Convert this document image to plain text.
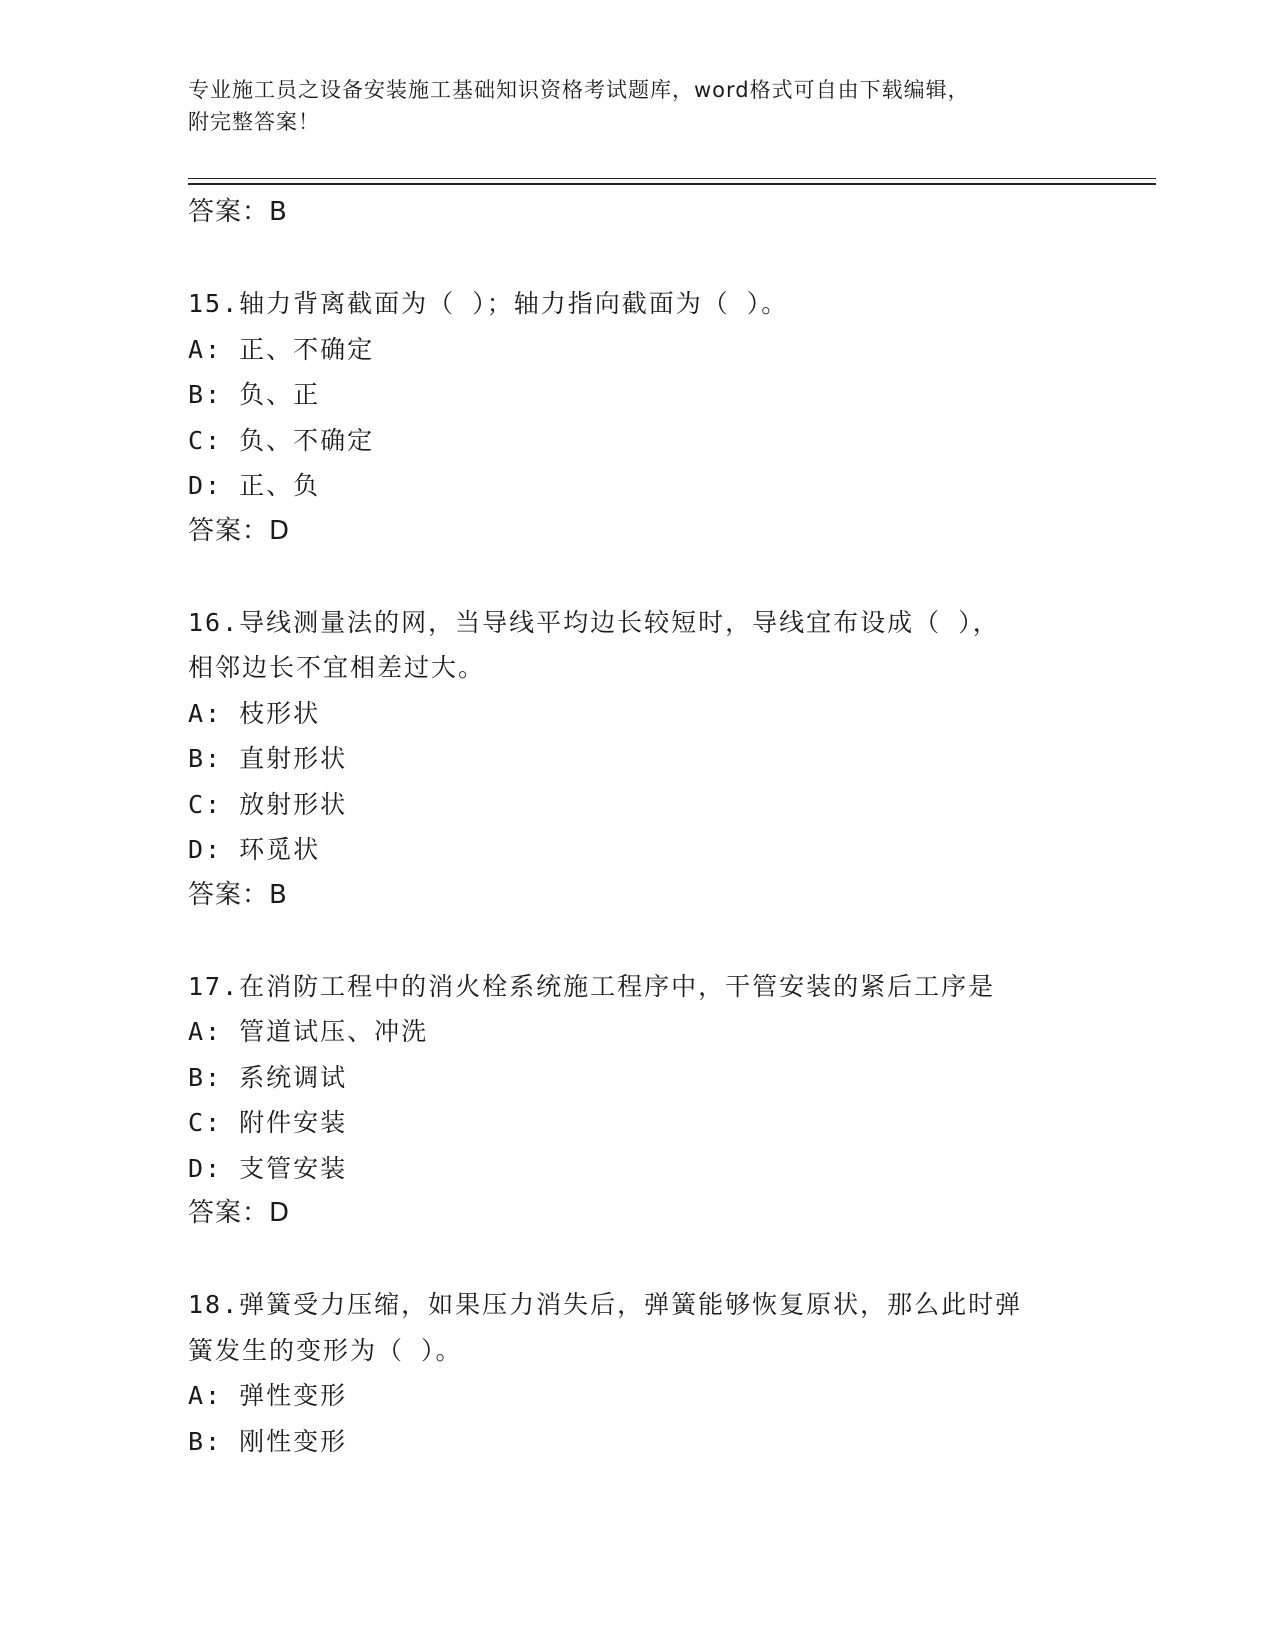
专业施工员之设备安装施工基础知识资格考试题库，word格式可自由下载编辑，
附完整答案！
答案：B
15.轴力背离截面为（ ）；轴力指向截面为（ ）。
A: 正、不确定
B: 负、正
C: 负、不确定
D: 正、负
答案：D
16.导线测量法的网，当导线平均边长较短时，导线宜布设成（ ），
相邻边长不宜相差过大。
A: 枝形状
B: 直射形状
C: 放射形状
D: 环觅状
答案：B
17.在消防工程中的消火栓系统施工程序中，干管安装的紧后工序是
A: 管道试压、冲洗
B: 系统调试
C: 附件安装
D: 支管安装
答案：D
18.弹簧受力压缩，如果压力消失后，弹簧能够恢复原状，那么此时弹
簧发生的变形为（ ）。
A: 弹性变形
B: 刚性变形
